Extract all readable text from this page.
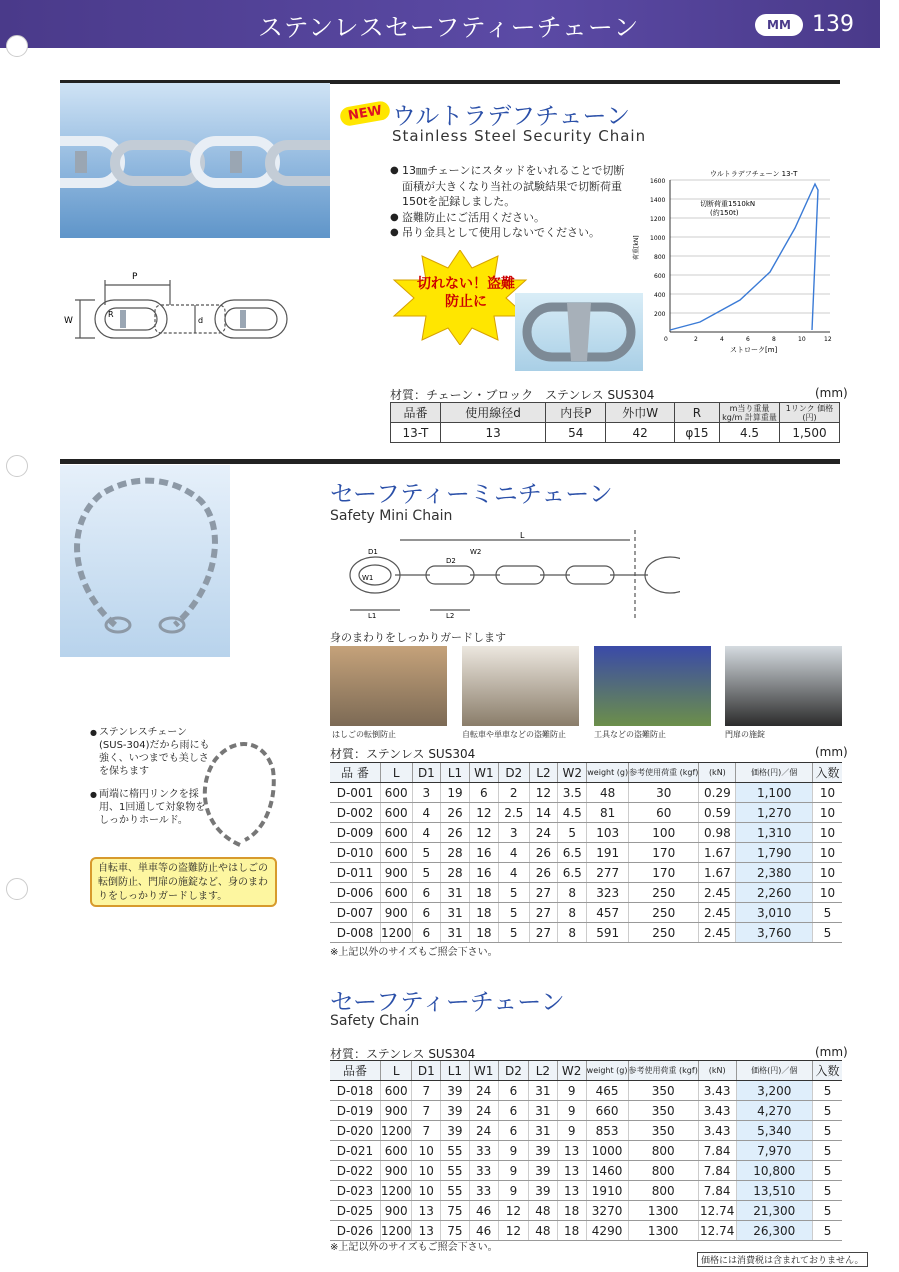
ステンレスセーフティーチェーン	MM 139
NEW ウルトラデフチェーン
Stainless Steel Security Chain
● 13㎜チェーンにスタッドをいれることで切断面積が大きくなり当社の試験結果で切断荷重150tを記録しました。
● 盗難防止にご活用ください。
● 吊り金具として使用しないでください。
P
W
R
d
切れない！盗難防止に
ウルトラデフチェーン 13-T
切断荷重1510kN
(約150t)
1600
1400
1200
1000
800
600
400
200
0	2	4	6	8	10	12
ストローク[m]
荷重[kN]
材質：チェーン・ブロック　ステンレス SUS304	(mm)
品番	使用線径d	内長P	外巾W	R	m当り重量kg/m 計算重量	1リンク 価格(円)
13-T	13	54	42	φ15	4.5	1,500
セーフティーミニチェーン
Safety Mini Chain
L
D1
W1
D2
W2
L1	L2
身のまわりをしっかりガードします
はしごの転倒防止	自転車や単車などの盗難防止	工具などの盗難防止	門扉の施錠
● ステンレスチェーン(SUS-304)だから雨にも強く、いつまでも美しさを保ちます
● 両端に楕円リンクを採用、1回通して対象物をしっかりホールド。
自転車、単車等の盗難防止やはしごの転倒防止、門扉の施錠など、身のまわりをしっかりガードします。
材質：ステンレス SUS304	(mm)
品 番	L	D1	L1	W1	D2	L2	W2	weight (g)	参考使用荷重 (kgf)	(kN)	価格(円)／個	入数
D-001	600	3	19	6	2	12	3.5	48	30	0.29	1,100	10
D-002	600	4	26	12	2.5	14	4.5	81	60	0.59	1,270	10
D-009	600	4	26	12	3	24	5	103	100	0.98	1,310	10
D-010	600	5	28	16	4	26	6.5	191	170	1.67	1,790	10
D-011	900	5	28	16	4	26	6.5	277	170	1.67	2,380	10
D-006	600	6	31	18	5	27	8	323	250	2.45	2,260	10
D-007	900	6	31	18	5	27	8	457	250	2.45	3,010	5
D-008	1200	6	31	18	5	27	8	591	250	2.45	3,760	5
※上記以外のサイズもご照会下さい。
セーフティーチェーン
Safety Chain
材質：ステンレス SUS304	(mm)
品番	L	D1	L1	W1	D2	L2	W2	weight (g)	参考使用荷重 (kgf)	(kN)	価格(円)／個	入数
D-018	600	7	39	24	6	31	9	465	350	3.43	3,200	5
D-019	900	7	39	24	6	31	9	660	350	3.43	4,270	5
D-020	1200	7	39	24	6	31	9	853	350	3.43	5,340	5
D-021	600	10	55	33	9	39	13	1000	800	7.84	7,970	5
D-022	900	10	55	33	9	39	13	1460	800	7.84	10,800	5
D-023	1200	10	55	33	9	39	13	1910	800	7.84	13,510	5
D-025	900	13	75	46	12	48	18	3270	1300	12.74	21,300	5
D-026	1200	13	75	46	12	48	18	4290	1300	12.74	26,300	5
※上記以外のサイズもご照会下さい。
価格には消費税は含まれておりません。
